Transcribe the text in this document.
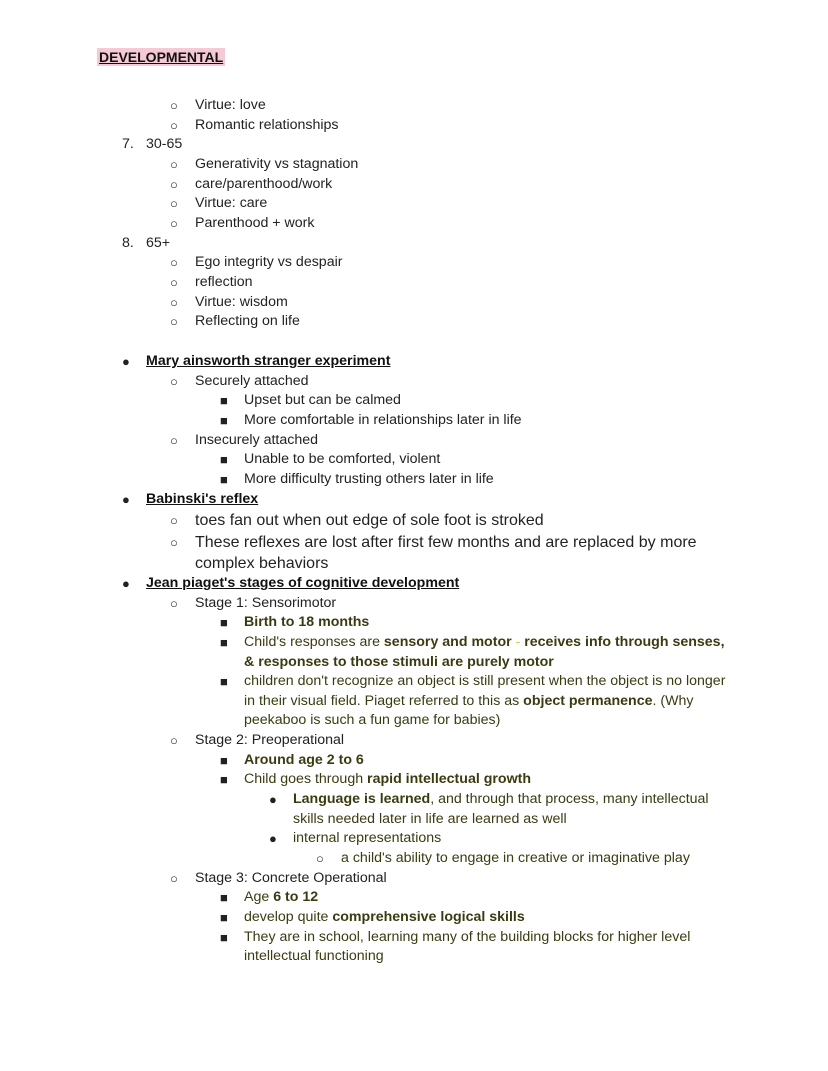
DEVELOPMENTAL
○ Virtue: love
○ Romantic relationships
7. 30-65
○ Generativity vs stagnation
○ care/parenthood/work
○ Virtue: care
○ Parenthood + work
8. 65+
○ Ego integrity vs despair
○ reflection
○ Virtue: wisdom
○ Reflecting on life
● Mary ainsworth stranger experiment
○ Securely attached
■ Upset but can be calmed
■ More comfortable in relationships later in life
○ Insecurely attached
■ Unable to be comforted, violent
■ More difficulty trusting others later in life
● Babinski's reflex
○ toes fan out when out edge of sole foot is stroked
○ These reflexes are lost after first few months and are replaced by more
complex behaviors
● Jean piaget's stages of cognitive development
○ Stage 1: Sensorimotor
■ Birth to 18 months
■ Child's responses are sensory and motor - receives info through senses,
& responses to those stimuli are purely motor
■ children don't recognize an object is still present when the object is no longer
in their visual field. Piaget referred to this as object permanence. (Why
peekaboo is such a fun game for babies)
○ Stage 2: Preoperational
■ Around age 2 to 6
■ Child goes through rapid intellectual growth
● Language is learned, and through that process, many intellectual
skills needed later in life are learned as well
● internal representations
○ a child's ability to engage in creative or imaginative play
○ Stage 3: Concrete Operational
■ Age 6 to 12
■ develop quite comprehensive logical skills
■ They are in school, learning many of the building blocks for higher level
intellectual functioning
